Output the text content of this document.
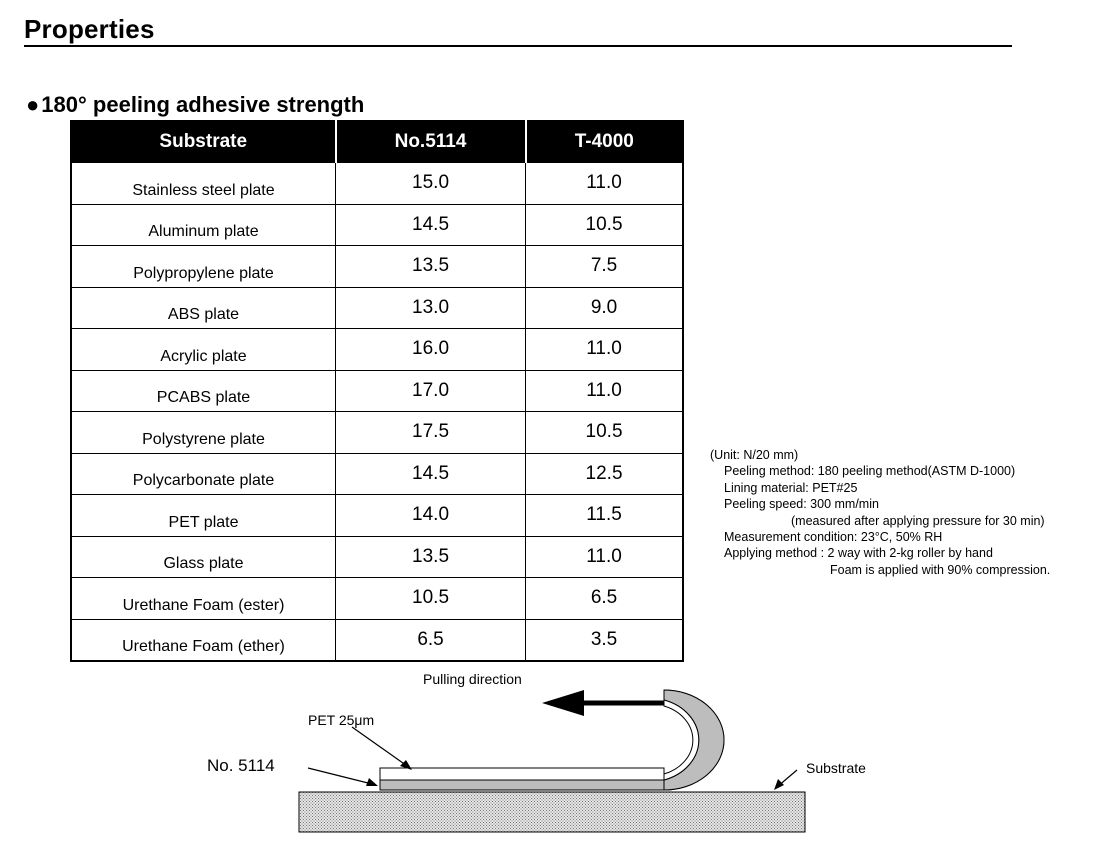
Properties
●180° peeling adhesive strength
Substrate	No.5114	T-4000
Stainless steel plate	15.0	11.0
Aluminum plate	14.5	10.5
Polypropylene plate	13.5	7.5
ABS plate	13.0	9.0
Acrylic plate	16.0	11.0
PCABS plate	17.0	11.0
Polystyrene plate	17.5	10.5
Polycarbonate plate	14.5	12.5
PET plate	14.0	11.5
Glass plate	13.5	11.0
Urethane Foam (ester)	10.5	6.5
Urethane Foam (ether)	6.5	3.5
(Unit: N/20 mm)
Peeling method: 180 peeling method(ASTM D-1000)
Lining material: PET#25
Peeling speed: 300 mm/min
(measured after applying pressure for 30 min)
Measurement condition: 23°C, 50% RH
Applying method : 2 way with 2-kg roller by hand
Foam is applied with 90% compression.
Pulling direction
PET 25μm
No. 5114	Substrate
